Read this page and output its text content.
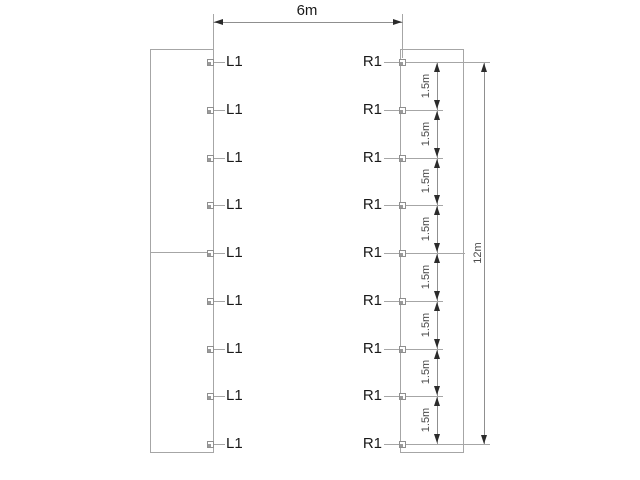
6m
12m
L1	R1
L1	R1
L1	R1
L1	R1
L1	R1
L1	R1
L1	R1
L1	R1
L1	R1
1.5m
1.5m
1.5m
1.5m
1.5m
1.5m
1.5m
1.5m
